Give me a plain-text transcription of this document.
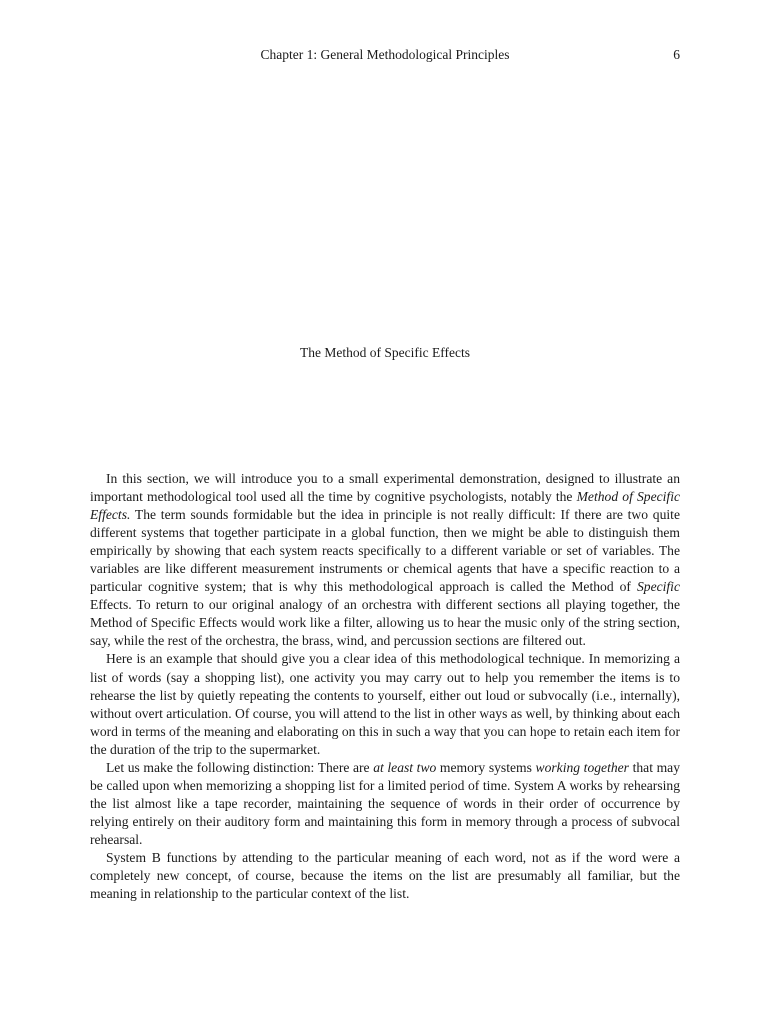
Chapter 1: General Methodological Principles	6
The Method of Specific Effects

In this section, we will introduce you to a small experimental demonstration, designed to illustrate an important methodological tool used all the time by cognitive psychologists, notably the Method of Specific Effects. The term sounds formidable but the idea in principle is not really difficult: If there are two quite different systems that together participate in a global function, then we might be able to distinguish them empirically by showing that each system reacts specifically to a different variable or set of variables. The variables are like different measurement instruments or chemical agents that have a specific reaction to a particular cognitive system; that is why this methodological approach is called the Method of Specific Effects. To return to our original analogy of an orchestra with different sections all playing together, the Method of Specific Effects would work like a filter, allowing us to hear the music only of the string section, say, while the rest of the orchestra, the brass, wind, and percussion sections are filtered out.

Here is an example that should give you a clear idea of this methodological technique. In memorizing a list of words (say a shopping list), one activity you may carry out to help you remember the items is to rehearse the list by quietly repeating the contents to yourself, either out loud or subvocally (i.e., internally), without overt articulation. Of course, you will attend to the list in other ways as well, by thinking about each word in terms of the meaning and elaborating on this in such a way that you can hope to retain each item for the duration of the trip to the supermarket.

Let us make the following distinction: There are at least two memory systems working together that may be called upon when memorizing a shopping list for a limited period of time. System A works by rehearsing the list almost like a tape recorder, maintaining the sequence of words in their order of occurrence by relying entirely on their auditory form and maintaining this form in memory through a process of subvocal rehearsal.

System B functions by attending to the particular meaning of each word, not as if the word were a completely new concept, of course, because the items on the list are presumably all familiar, but the meaning in relationship to the particular context of the list.
